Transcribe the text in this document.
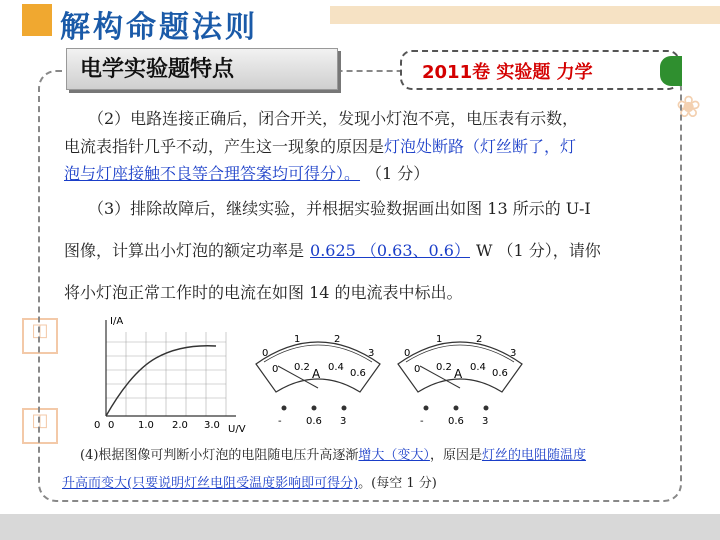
解构命题法则
❀
◫
◫
电学实验题特点	2011卷 实验题 力学
（2）电路连接正确后，闭合开关，发现小灯泡不亮，电压表有示数，
电流表指针几乎不动，产生这一现象的原因是灯泡处断路（灯丝断了，灯
泡与灯座接触不良等合理答案均可得分）。 （1 分）
（3）排除故障后，继续实验，并根据实验数据画出如图 13 所示的 U-I
图像，计算出小灯泡的额定功率是 0.625 （0.63、0.6） W （1 分），请你
将小灯泡正常工作时的电流在如图 14 的电流表中标出。
I/A
U/V
0 0 1.0 2.0 3.0
0
1	2
3
0 0.2 0.4
0.6
A
- 0.6 3
0
1	2
3
0 0.2 0.4
0.6
A
- 0.6 3
(4)根据图像可判断小灯泡的电阻随电压升高逐渐增大（变大），原因是灯丝的电阻随温度
升高而变大(只要说明灯丝电阻受温度影响即可得分)。(每空 1 分)
